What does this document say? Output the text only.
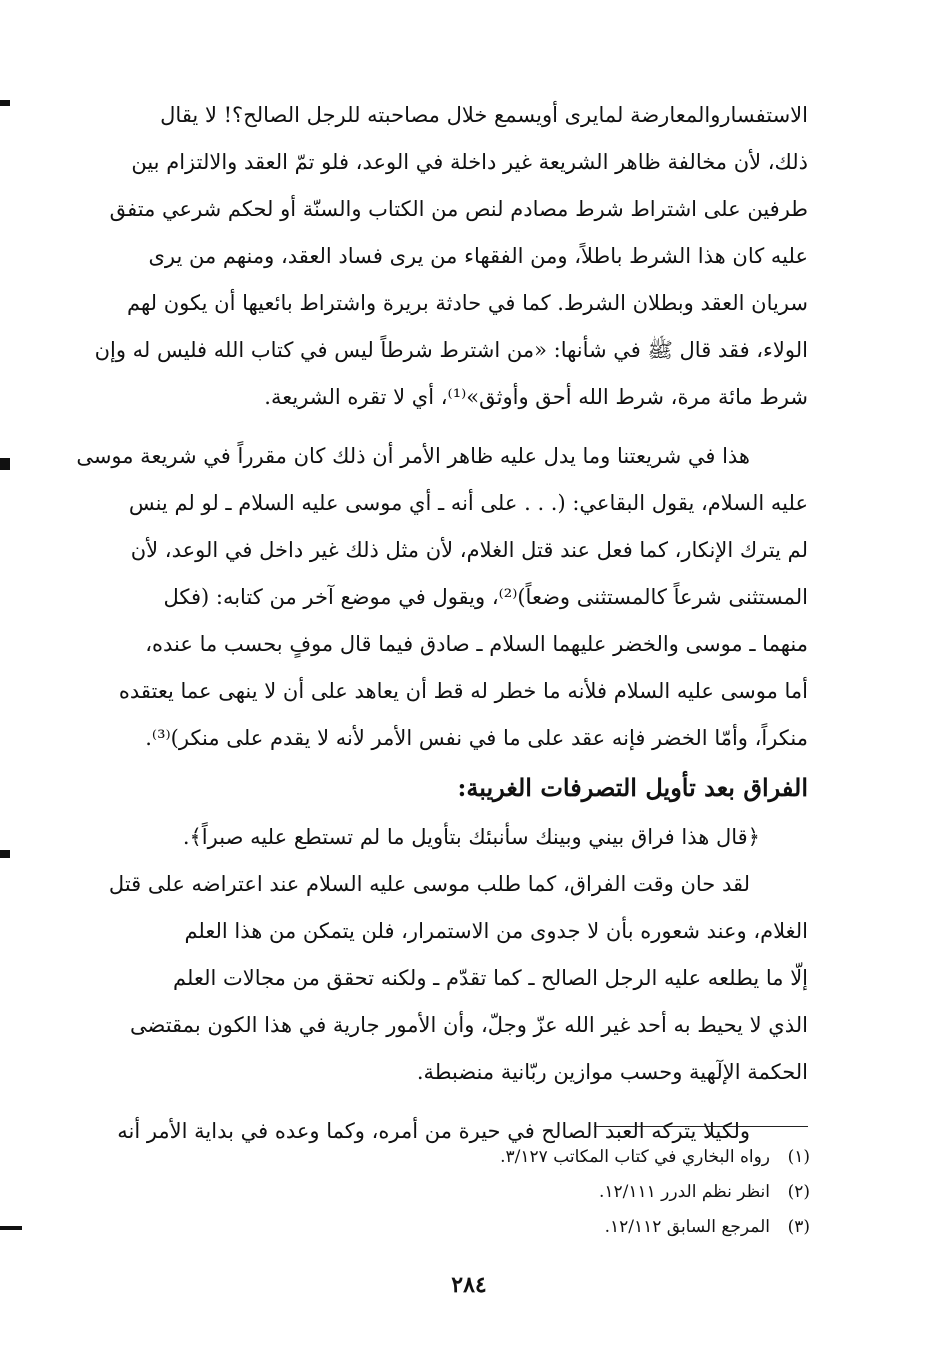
الاستفساروالمعارضة لمايرى أويسمع خلال مصاحبته للرجل الصالح؟! لا يقال
ذلك، لأن مخالفة ظاهر الشريعة غير داخلة في الوعد، فلو تمّ العقد والالتزام بين
طرفين على اشتراط شرط مصادم لنص من الكتاب والسنّة أو لحكم شرعي متفق
عليه كان هذا الشرط باطلاً، ومن الفقهاء من يرى فساد العقد، ومنهم من يرى
سريان العقد وبطلان الشرط. كما في حادثة بريرة واشتراط بائعيها أن يكون لهم
الولاء، فقد قال ﷺ في شأنها: «من اشترط شرطاً ليس في كتاب الله فليس له وإن
شرط مائة مرة، شرط الله أحق وأوثق»⁽¹⁾، أي لا تقره الشريعة.
هذا في شريعتنا وما يدل عليه ظاهر الأمر أن ذلك كان مقرراً في شريعة موسى
عليه السلام، يقول البقاعي: (. . . على أنه ـ أي موسى عليه السلام ـ لو لم ينس
لم يترك الإنكار، كما فعل عند قتل الغلام، لأن مثل ذلك غير داخل في الوعد، لأن
المستثنى شرعاً كالمستثنى وضعاً)⁽²⁾، ويقول في موضع آخر من كتابه: (فكل
منهما ـ موسى والخضر عليهما السلام ـ صادق فيما قال موفٍ بحسب ما عنده،
أما موسى عليه السلام فلأنه ما خطر له قط أن يعاهد على أن لا ينهى عما يعتقده
منكراً، وأمّا الخضر فإنه عقد على ما في نفس الأمر لأنه لا يقدم على منكر)⁽³⁾.
الفراق بعد تأويل التصرفات الغريبة:
﴿قال هذا فراق بيني وبينك سأنبئك بتأويل ما لم تستطع عليه صبراً﴾.
لقد حان وقت الفراق، كما طلب موسى عليه السلام عند اعتراضه على قتل
الغلام، وعند شعوره بأن لا جدوى من الاستمرار، فلن يتمكن من هذا العلم
إلّا ما يطلعه عليه الرجل الصالح ـ كما تقدّم ـ ولكنه تحقق من مجالات العلم
الذي لا يحيط به أحد غير الله عزّ وجلّ، وأن الأمور جارية في هذا الكون بمقتضى
الحكمة الإلٓهية وحسب موازين ربّانية منضبطة.
ولكيلا يتركه العبد الصالح في حيرة من أمره، وكما وعده في بداية الأمر أنه
(١)رواه البخاري في كتاب المكاتب ٣/١٢٧.
(٢)انظر نظم الدرر ١٢/١١١.
(٣)المرجع السابق ١٢/١١٢.
٢٨٤
